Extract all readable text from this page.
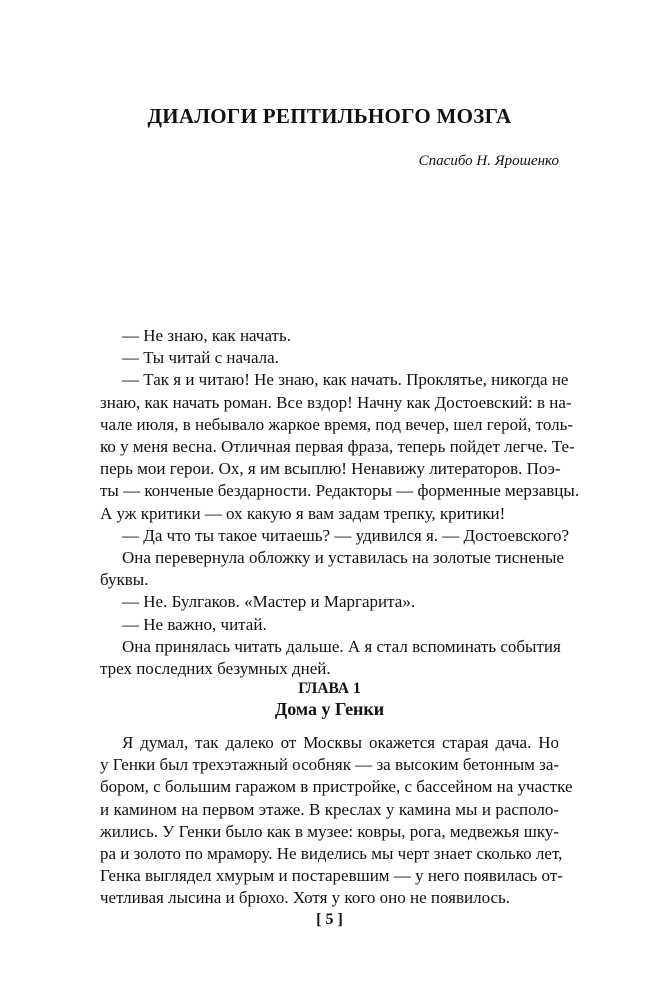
ДИАЛОГИ РЕПТИЛЬНОГО МОЗГА
Спасибо Н. Ярошенко
— Не знаю, как начать.
— Ты читай с начала.
— Так я и читаю! Не знаю, как начать. Проклятье, никогда не
знаю, как начать роман. Все вздор! Начну как Достоевский: в на-
чале июля, в небывало жаркое время, под вечер, шел герой, толь-
ко у меня весна. Отличная первая фраза, теперь пойдет легче. Те-
перь мои герои. Ох, я им всыплю! Ненавижу литераторов. Поэ-
ты — конченые бездарности. Редакторы — форменные мерзавцы.
А уж критики — ох какую я вам задам трепку, критики!
— Да что ты такое читаешь? — удивился я. — Достоевского?
Она перевернула обложку и уставилась на золотые тисненые
буквы.
— Не. Булгаков. «Мастер и Маргарита».
— Не важно, читай.
Она принялась читать дальше. А я стал вспоминать события
трех последних безумных дней.
ГЛАВА 1
Дома у Генки
Я думал, так далеко от Москвы окажется старая дача. Но
у Генки был трехэтажный особняк — за высоким бетонным за-
бором, с большим гаражом в пристройке, с бассейном на участке
и камином на первом этаже. В креслах у камина мы и располо-
жились. У Генки было как в музее: ковры, рога, медвежья шку-
ра и золото по мрамору. Не виделись мы черт знает сколько лет,
Генка выглядел хмурым и постаревшим — у него появилась от-
четливая лысина и брюхо. Хотя у кого оно не появилось.
[ 5 ]
